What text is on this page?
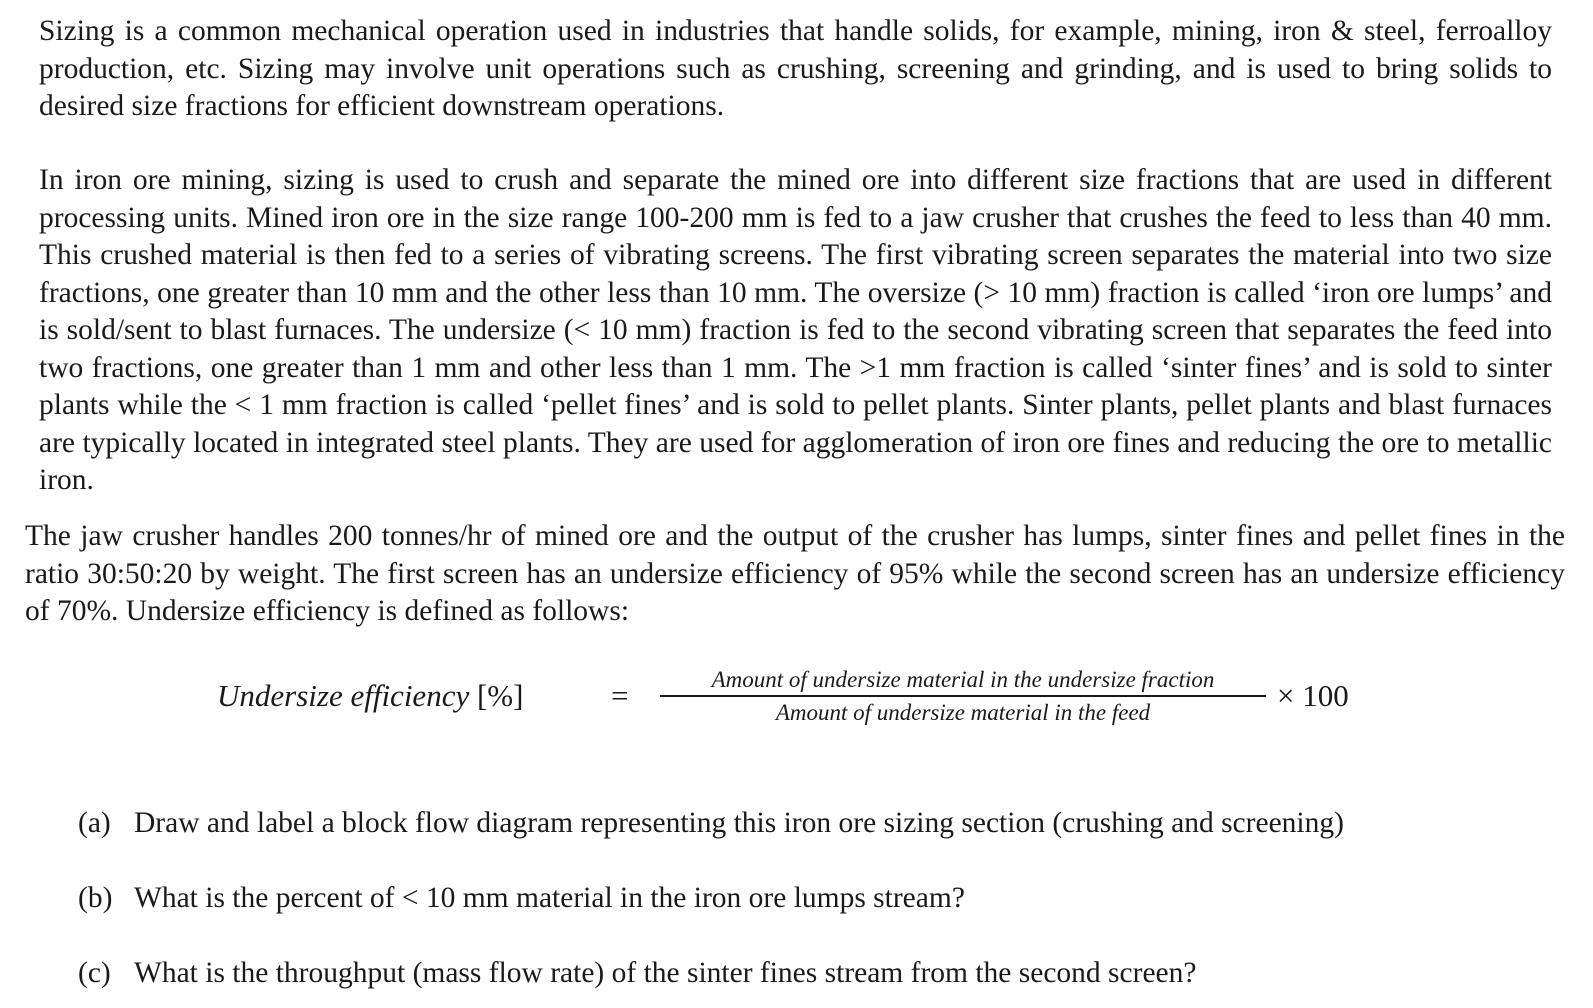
Sizing is a common mechanical operation used in industries that handle solids, for example, mining, iron & steel, ferroalloy production, etc. Sizing may involve unit operations such as crushing, screening and grinding, and is used to bring solids to desired size fractions for efficient downstream operations.

In iron ore mining, sizing is used to crush and separate the mined ore into different size fractions that are used in different processing units. Mined iron ore in the size range 100-200 mm is fed to a jaw crusher that crushes the feed to less than 40 mm. This crushed material is then fed to a series of vibrating screens. The first vibrating screen separates the material into two size fractions, one greater than 10 mm and the other less than 10 mm. The oversize (> 10 mm) fraction is called ‘iron ore lumps’ and is sold/sent to blast furnaces. The undersize (< 10 mm) fraction is fed to the second vibrating screen that separates the feed into two fractions, one greater than 1 mm and other less than 1 mm. The >1 mm fraction is called ‘sinter fines’ and is sold to sinter plants while the < 1 mm fraction is called ‘pellet fines’ and is sold to pellet plants. Sinter plants, pellet plants and blast furnaces are typically located in integrated steel plants. They are used for agglomeration of iron ore fines and reducing the ore to metallic iron.

The jaw crusher handles 200 tonnes/hr of mined ore and the output of the crusher has lumps, sinter fines and pellet fines in the ratio 30:50:20 by weight. The first screen has an undersize efficiency of 95% while the second screen has an undersize efficiency of 70%. Undersize efficiency is defined as follows:

Undersize efficiency [%]	=	Amount of undersize material in the undersize fraction
Amount of undersize material in the feed	× 100
(a) Draw and label a block flow diagram representing this iron ore sizing section (crushing and screening)
(b) What is the percent of < 10 mm material in the iron ore lumps stream?
(c) What is the throughput (mass flow rate) of the sinter fines stream from the second screen?
